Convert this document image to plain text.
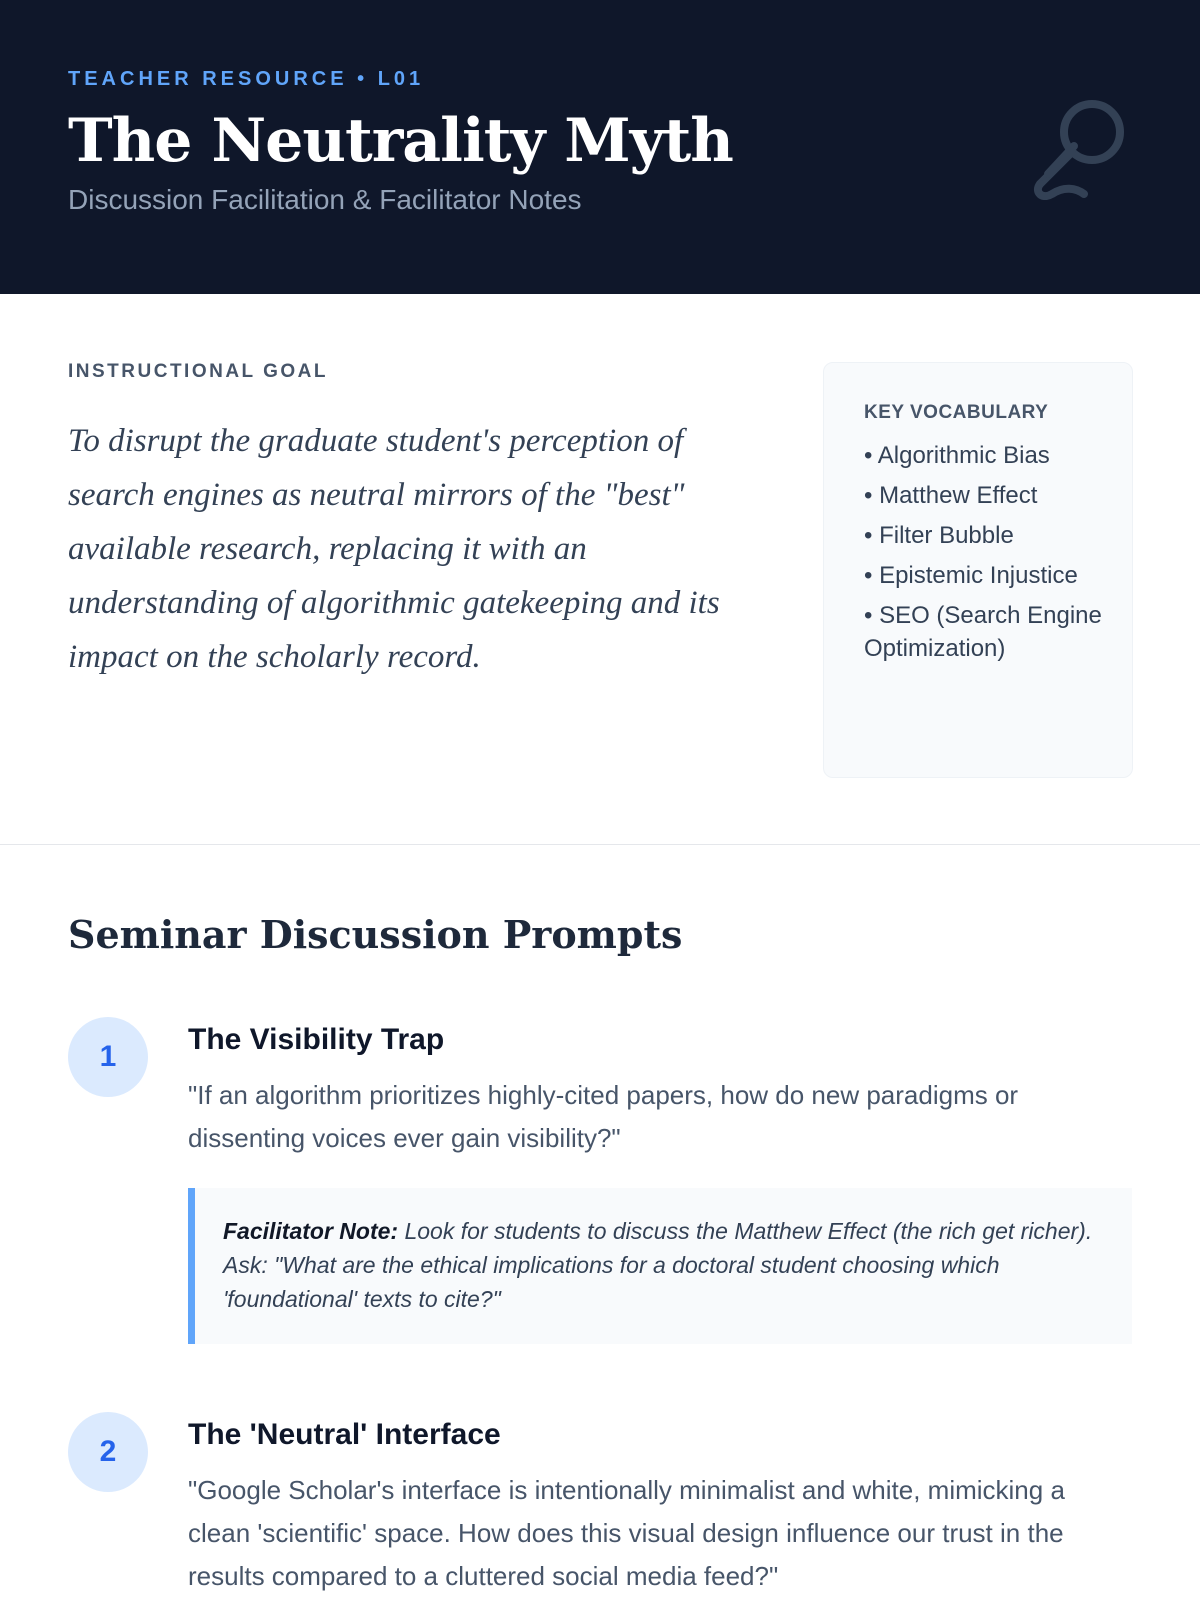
TEACHER RESOURCE • L01
The Neutrality Myth
Discussion Facilitation & Facilitator Notes
INSTRUCTIONAL GOAL
To disrupt the graduate student's perception of search engines as neutral mirrors of the "best" available research, replacing it with an understanding of algorithmic gatekeeping and its impact on the scholarly record.
KEY VOCABULARY
• Algorithmic Bias
• Matthew Effect
• Filter Bubble
• Epistemic Injustice
• SEO (Search Engine Optimization)
Seminar Discussion Prompts
1
The Visibility Trap
"If an algorithm prioritizes highly-cited papers, how do new paradigms or dissenting voices ever gain visibility?"
Facilitator Note: Look for students to discuss the Matthew Effect (the rich get richer). Ask: "What are the ethical implications for a doctoral student choosing which 'foundational' texts to cite?"
2
The 'Neutral' Interface
"Google Scholar's interface is intentionally minimalist and white, mimicking a clean 'scientific' space. How does this visual design influence our trust in the results compared to a cluttered social media feed?"
